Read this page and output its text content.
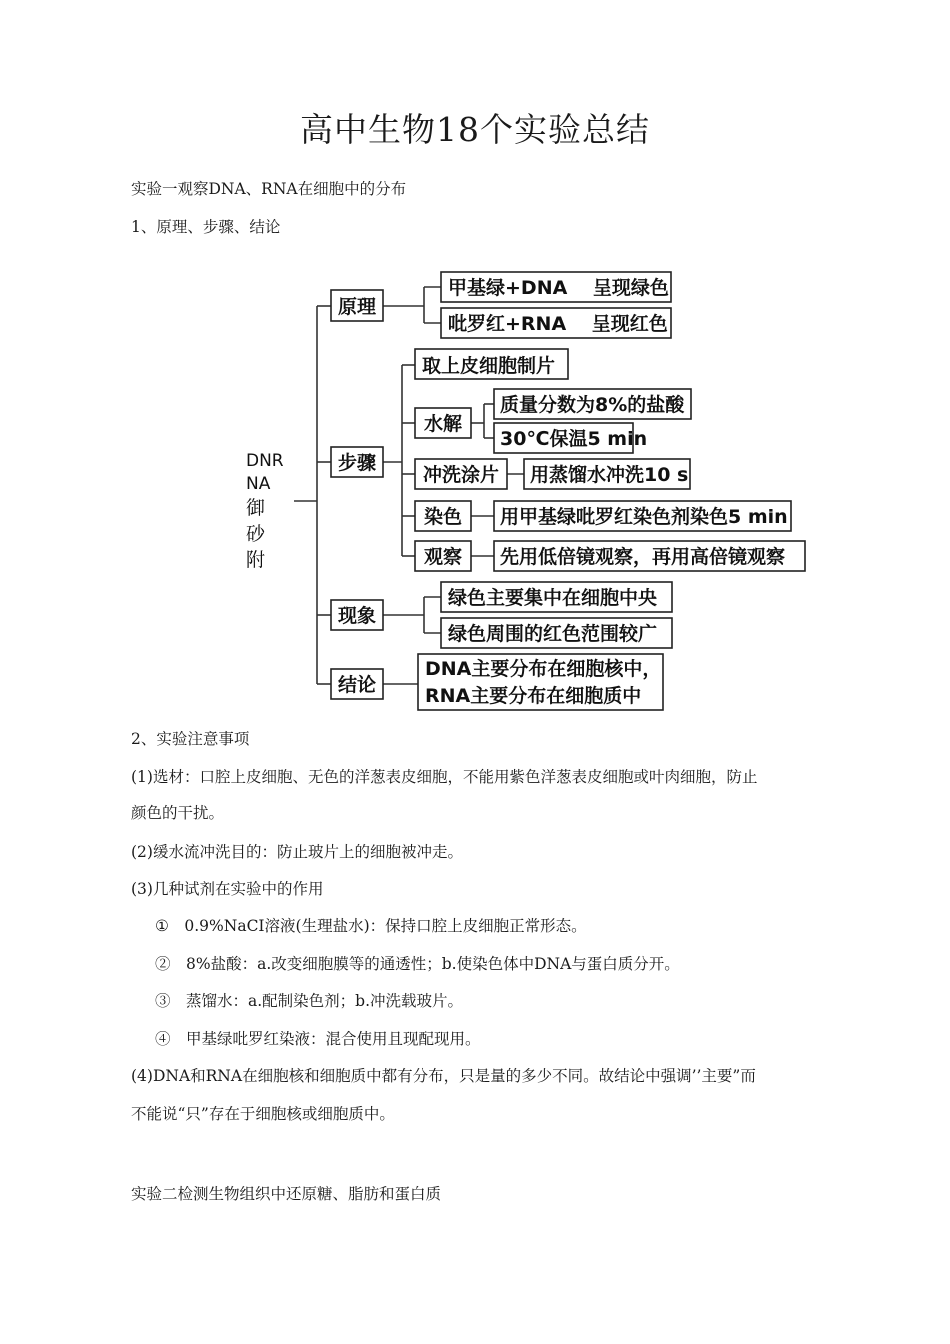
高中生物18个实验总结

实验一观察DNA、RNA在细胞中的分布

1、原理、步骤、结论

DNR
NA
御
砂
附
原理
甲基绿+DNA　 呈现绿色
吡罗红+RNA　 呈现红色
步骤
取上皮细胞制片
水解
质量分数为8%的盐酸
30℃保温5 min
冲洗涂片 用蒸馏水冲洗10 s
染色 用甲基绿吡罗红染色剂染色5 min
观察 先用低倍镜观察，再用高倍镜观察
现象
绿色主要集中在细胞中央
绿色周围的红色范围较广
结论
DNA主要分布在细胞核中，
RNA主要分布在细胞质中

2、实验注意事项

(1)选材：口腔上皮细胞、无色的洋葱表皮细胞，不能用紫色洋葱表皮细胞或叶肉细胞，防止

颜色的干扰。

(2)缓水流冲洗目的：防止玻片上的细胞被冲走。

(3)几种试剂在实验中的作用

①　0.9%NaCI溶液(生理盐水)：保持口腔上皮细胞正常形态。

②　8%盐酸：a.改变细胞膜等的通透性；b.使染色体中DNA与蛋白质分开。

③　蒸馏水：a.配制染色剂；b.冲洗载玻片。

④　甲基绿吡罗红染液：混合使用且现配现用。

(4)DNA和RNA在细胞核和细胞质中都有分布，只是量的多少不同。故结论中强调’’主要”而

不能说“只”存在于细胞核或细胞质中。

实验二检测生物组织中还原糖、脂肪和蛋白质
